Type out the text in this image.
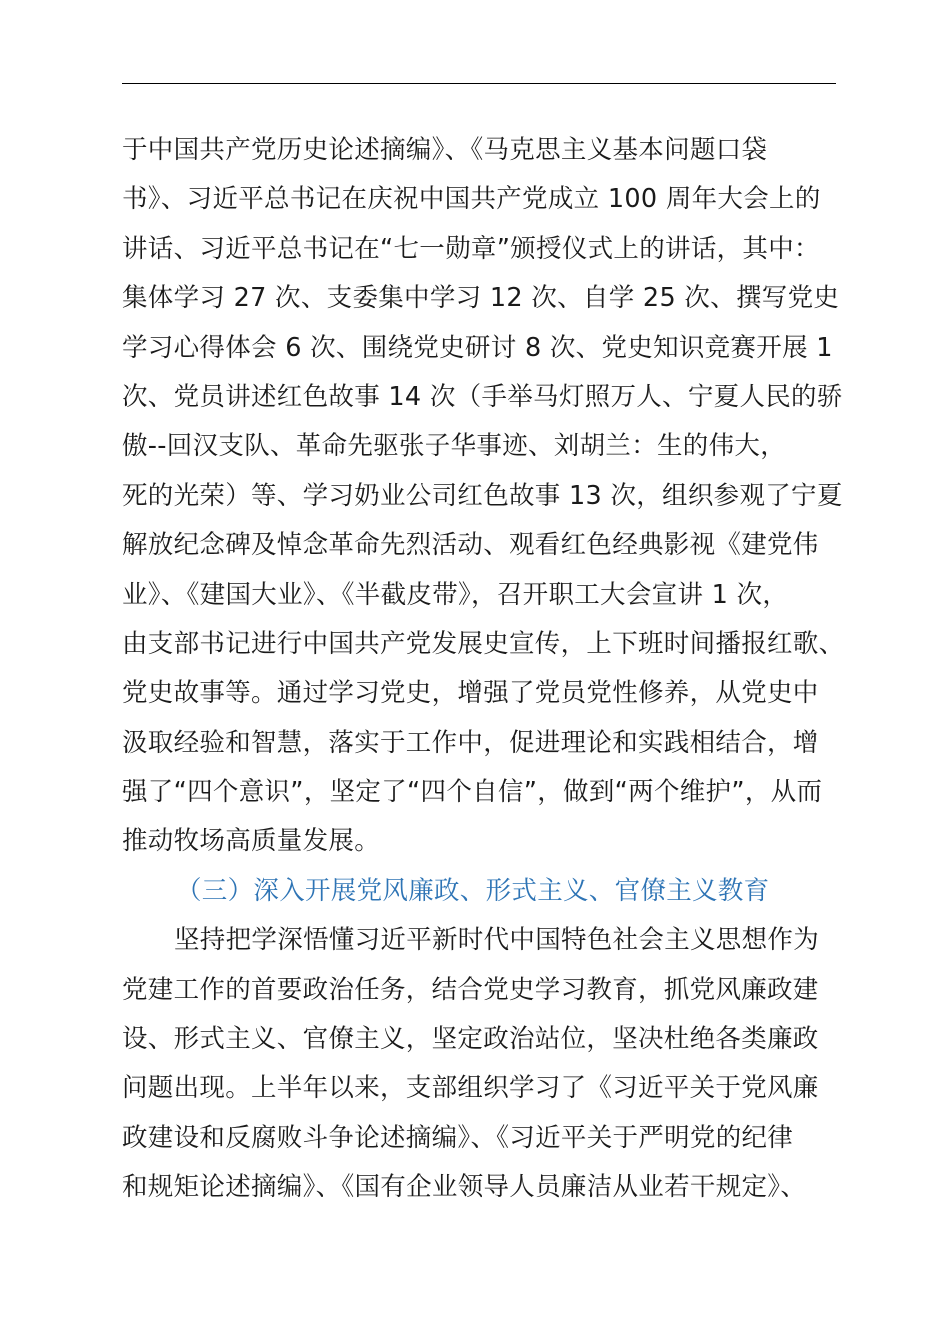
于中国共产党历史论述摘编》、《马克思主义基本问题口袋
书》、习近平总书记在庆祝中国共产党成立 100 周年大会上的
讲话、习近平总书记在“七一勋章”颁授仪式上的讲话，其中：
集体学习 27 次、支委集中学习 12 次、自学 25 次、撰写党史
学习心得体会 6 次、围绕党史研讨 8 次、党史知识竞赛开展 1
次、党员讲述红色故事 14 次（手举马灯照万人、宁夏人民的骄
傲--回汉支队、革命先驱张子华事迹、刘胡兰：生的伟大，
死的光荣）等、学习奶业公司红色故事 13 次，组织参观了宁夏
解放纪念碑及悼念革命先烈活动、观看红色经典影视《建党伟
业》、《建国大业》、《半截皮带》，召开职工大会宣讲 1 次，
由支部书记进行中国共产党发展史宣传，上下班时间播报红歌、
党史故事等。通过学习党史，增强了党员党性修养，从党史中
汲取经验和智慧，落实于工作中，促进理论和实践相结合，增
强了“四个意识”，坚定了“四个自信”，做到“两个维护”，从而
推动牧场高质量发展。
（三）深入开展党风廉政、形式主义、官僚主义教育
坚持把学深悟懂习近平新时代中国特色社会主义思想作为
党建工作的首要政治任务，结合党史学习教育，抓党风廉政建
设、形式主义、官僚主义，坚定政治站位，坚决杜绝各类廉政
问题出现。上半年以来，支部组织学习了《习近平关于党风廉
政建设和反腐败斗争论述摘编》、《习近平关于严明党的纪律
和规矩论述摘编》、《国有企业领导人员廉洁从业若干规定》、
